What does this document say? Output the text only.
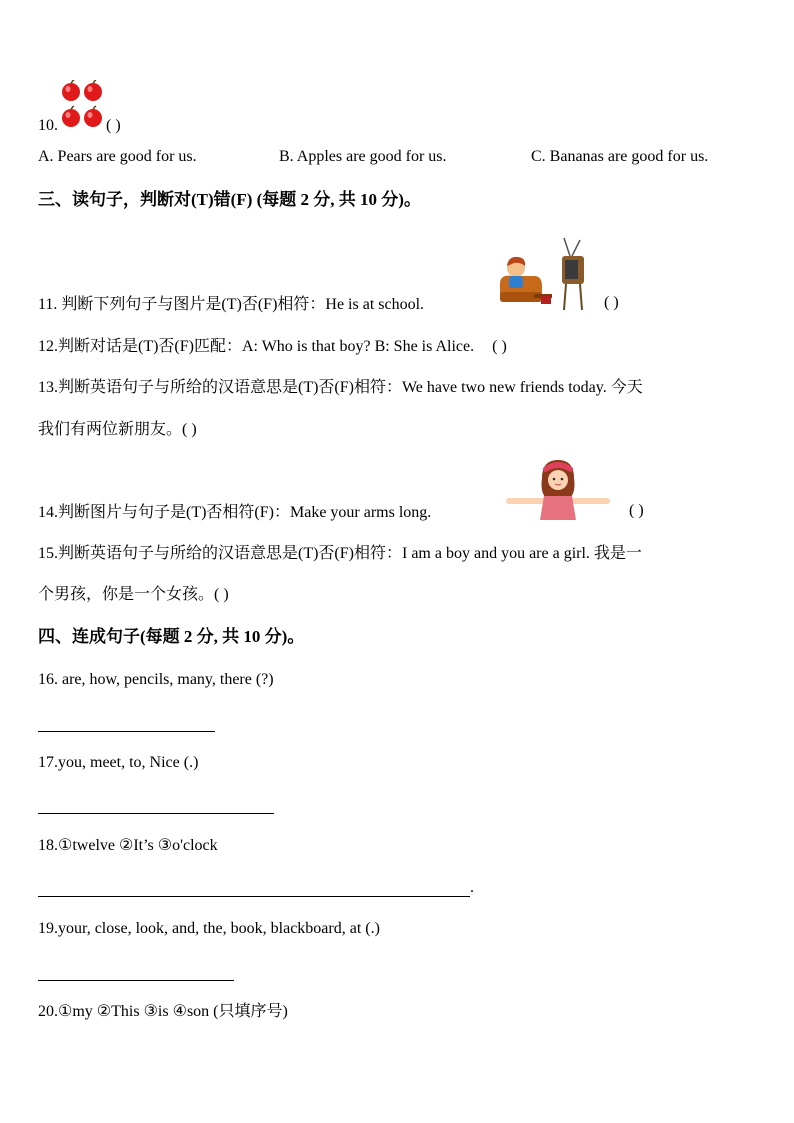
10.	( )
A. Pears are good for us.	B. Apples are good for us.	C. Bananas are good for us.
三、读句子，判断对(T)错(F) (每题 2 分, 共 10 分)。
11. 判断下列句子与图片是(T)否(F)相符：He is at school.	( )
12.判断对话是(T)否(F)匹配：A: Who is that boy? B: She is Alice. ( )
13.判断英语句子与所给的汉语意思是(T)否(F)相符：We have two new friends today. 今天
我们有两位新朋友。( )
14.判断图片与句子是(T)否相符(F)：Make your arms long.	( )
15.判断英语句子与所给的汉语意思是(T)否(F)相符：I am a boy and you are a girl. 我是一
个男孩，你是一个女孩。( )
四、连成句子(每题 2 分, 共 10 分)。
16. are, how, pencils, many, there (?)
17.you, meet, to, Nice (.)
18.①twelve ②It’s ③o'clock
.
19.your, close, look, and, the, book, blackboard, at (.)
20.①my ②This ③is ④son (只填序号)
